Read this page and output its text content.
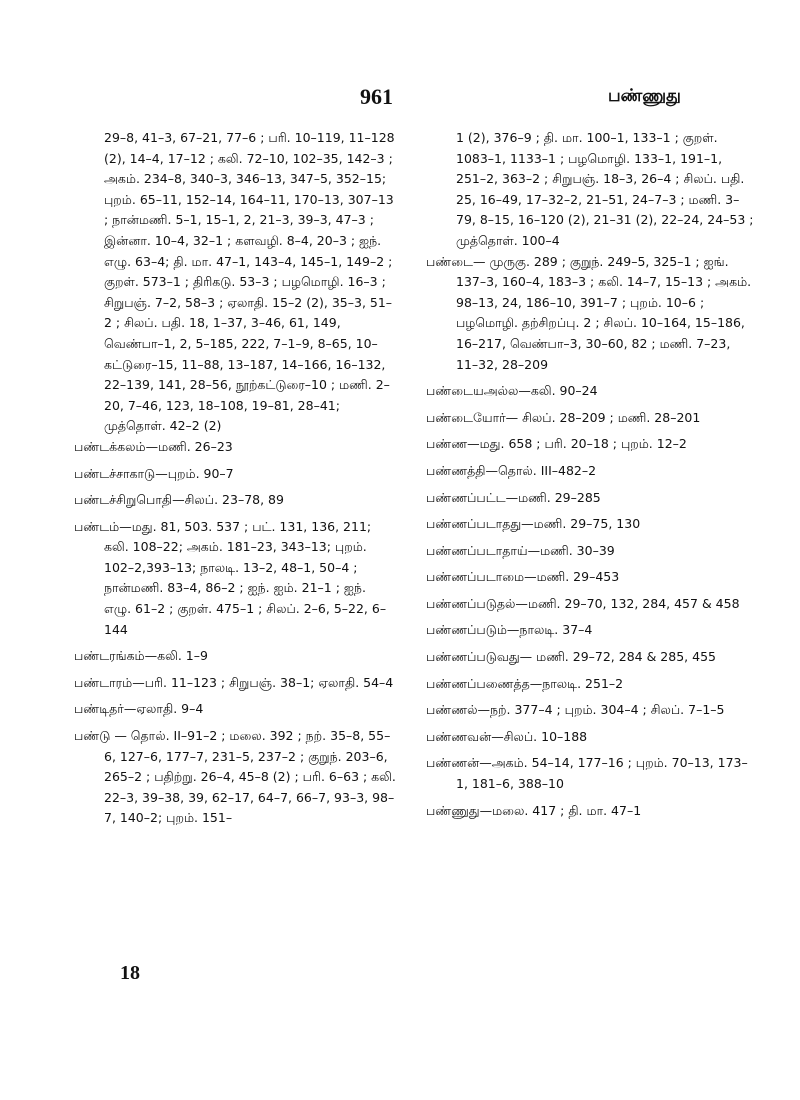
961	பண்ணுது
29–8, 41–3, 67–21, 77–6 ; பரி. 10–119, 11–128 (2), 14–4, 17–12 ; கலி. 72–10, 102–35, 142–3 ; அகம். 234–8, 340–3, 346–13, 347–5, 352–15; புறம். 65–11, 152–14, 164–11, 170–13, 307–13 ; நான்மணி. 5–1, 15–1, 2, 21–3, 39–3, 47–3 ; இன்னா. 10–4, 32–1 ; களவழி. 8–4, 20–3 ; ஐந். எழு. 63–4; தி. மா. 47–1, 143–4, 145–1, 149–2 ; குறள். 573–1 ; திரிகடு. 53–3 ; பழமொழி. 16–3 ; சிறுபஞ். 7–2, 58–3 ; ஏலாதி. 15–2 (2), 35–3, 51–2 ; சிலப். பதி. 18, 1–37, 3–46, 61, 149, வெண்பா–1, 2, 5–185, 222, 7–1–9, 8–65, 10–கட்டுரை–15, 11–88, 13–187, 14–166, 16–132, 22–139, 141, 28–56, நூற்கட்டுரை–10 ; மணி. 2–20, 7–46, 123, 18–108, 19–81, 28–41; முத்தொள். 42–2 (2)
பண்டக்கலம்—மணி. 26–23
பண்டச்சாகாடு—புறம். 90–7
பண்டச்சிறுபொதி—சிலப். 23–78, 89
பண்டம்—மது. 81, 503. 537 ; பட். 131, 136, 211; கலி. 108–22; அகம். 181–23, 343–13; புறம். 102–2,393–13; நாலடி. 13–2, 48–1, 50–4 ; நான்மணி. 83–4, 86–2 ; ஐந். ஐம். 21–1 ; ஐந். எழு. 61–2 ; குறள். 475–1 ; சிலப். 2–6, 5–22, 6–144
பண்டரங்கம்—கலி. 1–9
பண்டாரம்—பரி. 11–123 ; சிறுபஞ். 38–1; ஏலாதி. 54–4
பண்டிதர்—ஏலாதி. 9–4
பண்டு — தொல். II–91–2 ; மலை. 392 ; நற். 35–8, 55–6, 127–6, 177–7, 231–5, 237–2 ; குறுந். 203–6, 265–2 ; பதிற்று. 26–4, 45–8 (2) ; பரி. 6–63 ; கலி. 22–3, 39–38, 39, 62–17, 64–7, 66–7, 93–3, 98–7, 140–2; புறம். 151–
1 (2), 376–9 ; தி. மா. 100–1, 133–1 ; குறள். 1083–1, 1133–1 ; பழமொழி. 133–1, 191–1, 251–2, 363–2 ; சிறுபஞ். 18–3, 26–4 ; சிலப். பதி. 25, 16–49, 17–32–2, 21–51, 24–7–3 ; மணி. 3–79, 8–15, 16–120 (2), 21–31 (2), 22–24, 24–53 ; முத்தொள். 100–4
பண்டை— முருகு. 289 ; குறுந். 249–5, 325–1 ; ஐங். 137–3, 160–4, 183–3 ; கலி. 14–7, 15–13 ; அகம். 98–13, 24, 186–10, 391–7 ; புறம். 10–6 ; பழமொழி. தற்சிறப்பு. 2 ; சிலப். 10–164, 15–186, 16–217, வெண்பா–3, 30–60, 82 ; மணி. 7–23, 11–32, 28–209
பண்டையஅல்ல—கலி. 90–24
பண்டையோர்— சிலப். 28–209 ; மணி. 28–201
பண்ண—மது. 658 ; பரி. 20–18 ; புறம். 12–2
பண்ணத்தி—தொல். III–482–2
பண்ணப்பட்ட—மணி. 29–285
பண்ணப்படாதது—மணி. 29–75, 130
பண்ணப்படாதாய்—மணி. 30–39
பண்ணப்படாமை—மணி. 29–453
பண்ணப்படுதல்—மணி. 29–70, 132, 284, 457 & 458
பண்ணப்படும்—நாலடி. 37–4
பண்ணப்படுவது— மணி. 29–72, 284 & 285, 455
பண்ணப்பணைத்த—நாலடி. 251–2
பண்ணல்—நற். 377–4 ; புறம். 304–4 ; சிலப். 7–1–5
பண்ணவன்—சிலப். 10–188
பண்ணன்—அகம். 54–14, 177–16 ; புறம். 70–13, 173–1, 181–6, 388–10
பண்ணுது—மலை. 417 ; தி. மா. 47–1
18
